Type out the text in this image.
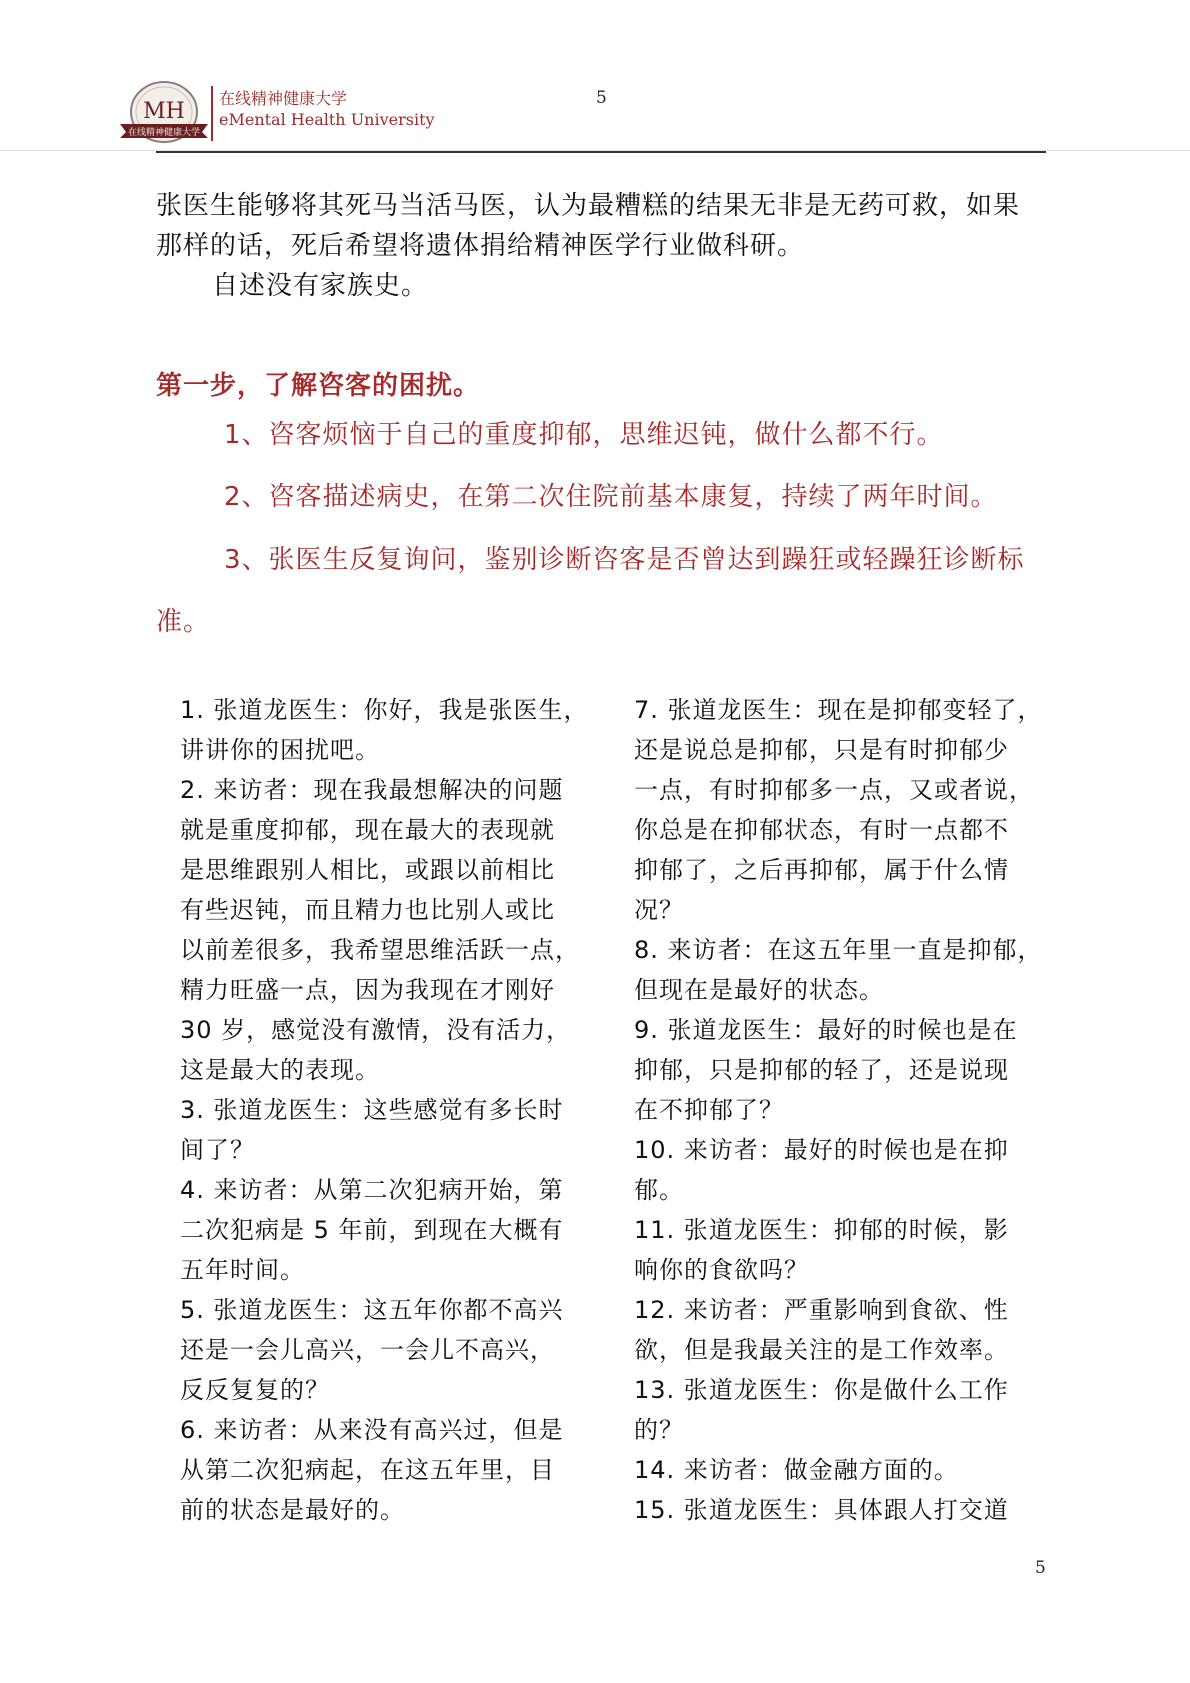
MH
在线精神健康大学
在线精神健康大学
eMental Health University
5
张医生能够将其死马当活马医，认为最糟糕的结果无非是无药可救，如果
那样的话，死后希望将遗体捐给精神医学行业做科研。
自述没有家族史。
第一步，了解咨客的困扰。
1、咨客烦恼于自己的重度抑郁，思维迟钝，做什么都不行。
2、咨客描述病史，在第二次住院前基本康复，持续了两年时间。
3、张医生反复询问，鉴别诊断咨客是否曾达到躁狂或轻躁狂诊断标
准。
1. 张道龙医生：你好，我是张医生，
讲讲你的困扰吧。
2. 来访者：现在我最想解决的问题
就是重度抑郁，现在最大的表现就
是思维跟别人相比，或跟以前相比
有些迟钝，而且精力也比别人或比
以前差很多，我希望思维活跃一点，
精力旺盛一点，因为我现在才刚好
30 岁，感觉没有激情，没有活力，
这是最大的表现。
3. 张道龙医生：这些感觉有多长时
间了？
4. 来访者：从第二次犯病开始，第
二次犯病是 5 年前，到现在大概有
五年时间。
5. 张道龙医生：这五年你都不高兴
还是一会儿高兴，一会儿不高兴，
反反复复的？
6. 来访者：从来没有高兴过，但是
从第二次犯病起，在这五年里，目
前的状态是最好的。
7. 张道龙医生：现在是抑郁变轻了，
还是说总是抑郁，只是有时抑郁少
一点，有时抑郁多一点，又或者说，
你总是在抑郁状态，有时一点都不
抑郁了，之后再抑郁，属于什么情
况？
8. 来访者：在这五年里一直是抑郁，
但现在是最好的状态。
9. 张道龙医生：最好的时候也是在
抑郁，只是抑郁的轻了，还是说现
在不抑郁了？
10. 来访者：最好的时候也是在抑
郁。
11. 张道龙医生：抑郁的时候，影
响你的食欲吗？
12. 来访者：严重影响到食欲、性
欲，但是我最关注的是工作效率。
13. 张道龙医生：你是做什么工作
的？
14. 来访者：做金融方面的。
15. 张道龙医生：具体跟人打交道
5
